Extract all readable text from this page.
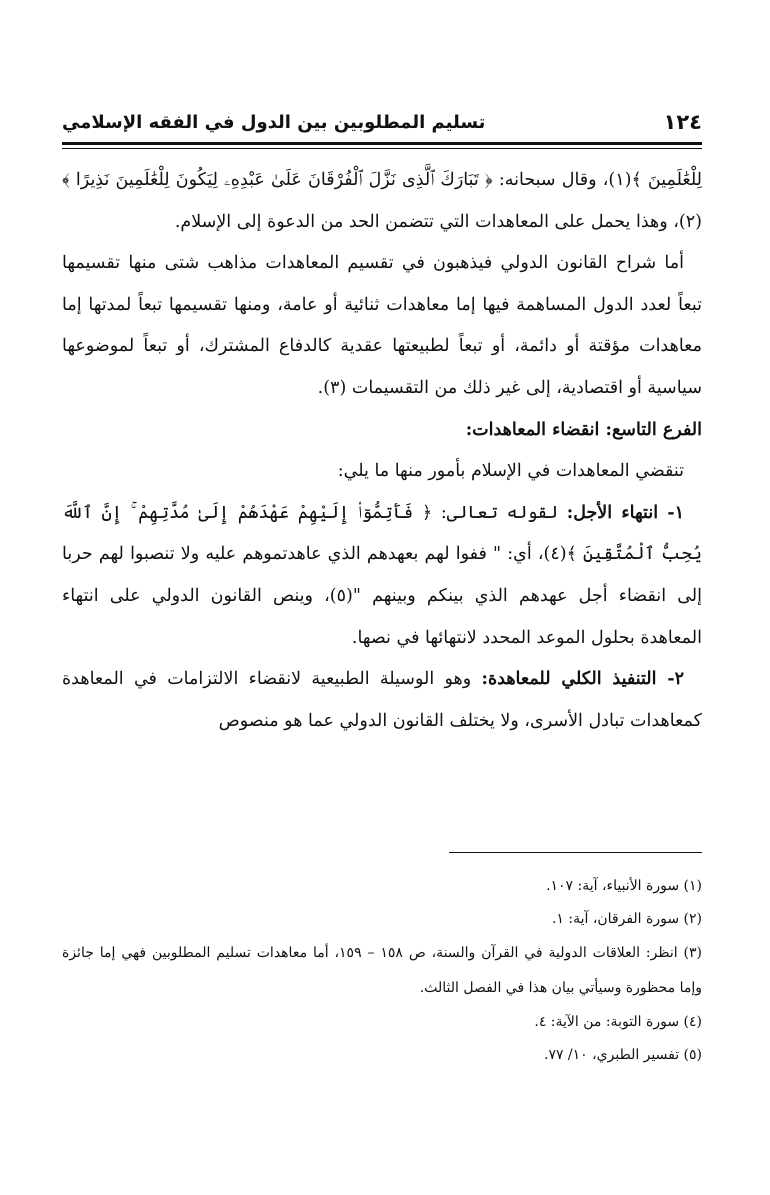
١٢٤
تسليم المطلوبين بين الدول في الفقه الإسلامي

لِلْعَٰلَمِينَ ﴾(١)، وقال سبحانه: ﴿ تَبَارَكَ ٱلَّذِى نَزَّلَ ٱلْفُرْقَانَ عَلَىٰ عَبْدِهِۦ لِيَكُونَ لِلْعَٰلَمِينَ نَذِيرًا ﴾(٢)، وهذا يحمل على المعاهدات التي تتضمن الحد من الدعوة إلى الإسلام.

أما شراح القانون الدولي فيذهبون في تقسيم المعاهدات مذاهب شتى منها تقسيمها تبعاً لعدد الدول المساهمة فيها إما معاهدات ثنائية أو عامة، ومنها تقسيمها تبعاً لمدتها إما معاهدات مؤقتة أو دائمة، أو تبعاً لطبيعتها عقدية كالدفاع المشترك، أو تبعاً لموضوعها سياسية أو اقتصادية، إلى غير ذلك من التقسيمات (٣).

الفرع التاسع: انقضاء المعاهدات:

تنقضي المعاهدات في الإسلام بأمور منها ما يلي:

١- انتهاء الأجل: لقوله تعالى: ﴿ فَأَتِمُّوٓا۟ إِلَيْهِمْ عَهْدَهُمْ إِلَىٰ مُدَّتِهِمْ ۚ إِنَّ ٱللَّهَ يُحِبُّ ٱلْمُتَّقِينَ ﴾(٤)، أي: " ففوا لهم بعهدهم الذي عاهدتموهم عليه ولا تنصبوا لهم حربا إلى انقضاء أجل عهدهم الذي بينكم وبينهم "(٥)، وينص القانون الدولي على انتهاء المعاهدة بحلول الموعد المحدد لانتهائها في نصها.

٢- التنفيذ الكلي للمعاهدة: وهو الوسيلة الطبيعية لانقضاء الالتزامات في المعاهدة كمعاهدات تبادل الأسرى، ولا يختلف القانون الدولي عما هو منصوص

(١) سورة الأنبياء، آية: ١٠٧.

(٢) سورة الفرقان، آية: ١.

(٣) انظر: العلاقات الدولية في القرآن والسنة، ص ١٥٨ – ١٥٩، أما معاهدات تسليم المطلوبين فهي إما جائزة وإما محظورة وسيأتي بيان هذا في الفصل الثالث.

(٤) سورة التوبة: من الآية: ٤.

(٥) تفسير الطبري، ١٠/ ٧٧.
